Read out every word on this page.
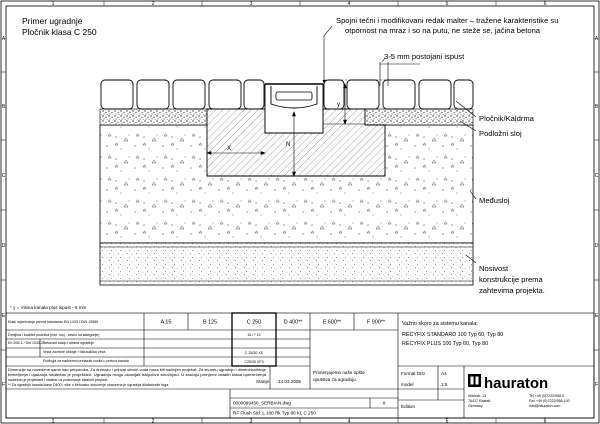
1	2	3	4	5	6
1	2	3	4	5	6
A
B
C
D
E
F
A
B
C
D
E
F
Primer ugradnje
Pločnik klasa C 250
X
N
y
Spojni tečni i modifikovani redak malter – traženе karakteristike su
otpornost na mraz i so na putu, ne steže se, jačina betona
3-5 mm postojani ispust
Pločnik/Kaldrma
Podložni sloj
Međusloj
Nosivost
konstrukcije prema
zahtevima projekta.
* y = Visina kanala plus ispust - 6 mm
Klasi ocjenivanja prema standardu EN 1433 / DIN 19580	A 15	B 125	C 250	D 400**	E 600**	F 900**
Debljina i kvalitet pločnika (min. sloj - zavisi od kategorije)	15 / * 15
En 206-1 / Din 1045-2 Betonski nasip i strana ugradnje
Vrsta završne obloge / hidraulička veza	C 25/30 XE
Podloga za nadzemni prelazak vozila u pravcu kanala	C25/30 XF3
Dimenzije su navedene samo kao preporuka. Za drenažu i prihvat slivnih voda mora biti sačinjen projekat. Za stvarnu ugradnju i dimenzioniranje
temeljenja i ojačanja nadležan je projektant. Ugradnju mogu obavljati isključivo stručnjaci. U slučaju primjene ostalih klasa opterećenja
nadležan je projektant i statičar uz poštovanje lokalnih propisa.
** Za ugradnju kanala klase D400 i više u betonsko okruženje obavezna je ugradnja dilatacionih fuga.
Stanje 14.03.2005
Primenjujemo naše opšte
uputstva za ugradnju.
0000099456_SERBIAN.dwg	0
RF Flush Std. L 100 Rk Typ 80 KL C 250
Važno skoro za sistemu kanala:
RECYFIX STANDARD 100 Typ 60, Typ 80
RECYFIX PLUS 100 Typ 60, Typ 80
Format DIN	A4
model	1:5
Edition
hauraton
Werkstr. 13
76437 Rastatt
Germany
Tel.+49 (0)7222/958-0
Fax +49 (0)7222/958-100
info@hauraton.com
